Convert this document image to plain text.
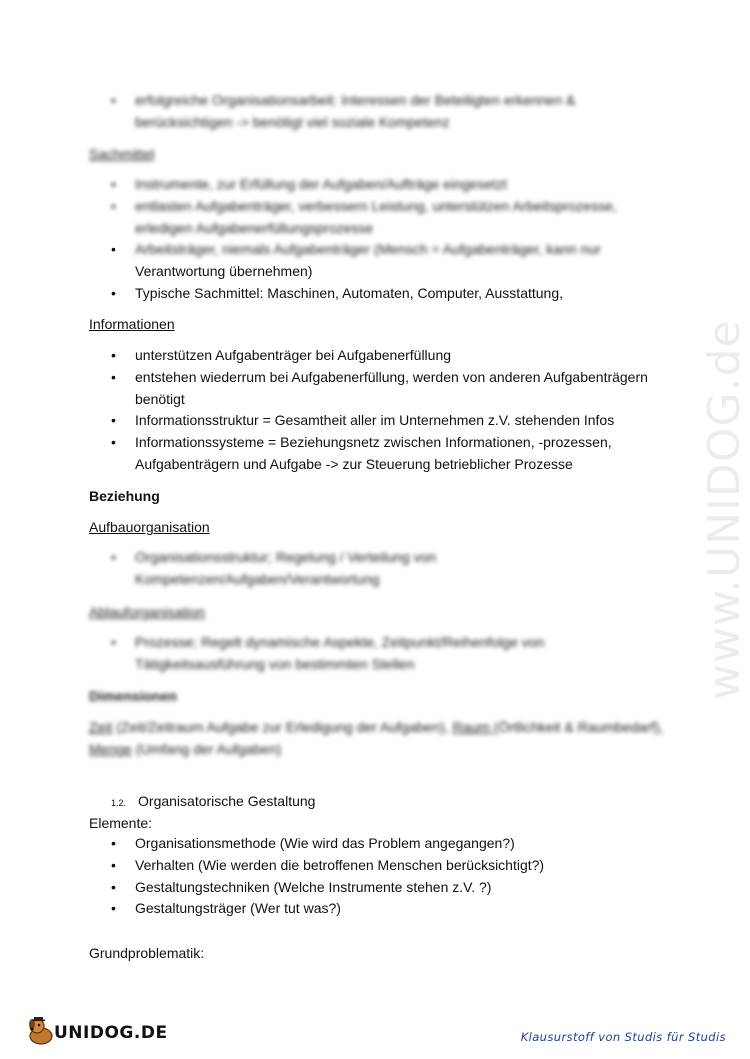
www.UNIDOG.de
• erfolgreiche Organisationsarbeit: Interessen der Beteiligten erkennen & berücksichtigen -> benötigt viel soziale Kompetenz
Sachmittel
• Instrumente, zur Erfüllung der Aufgaben/Aufträge eingesetzt
• entlasten Aufgabenträger, verbessern Leistung, unterstützen Arbeitsprozesse, erledigen Aufgabenerfüllungsprozesse
• Arbeitsträger, niemals Aufgabenträger (Mensch = Aufgabenträger, kann nur
Verantwortung übernehmen)
• Typische Sachmittel: Maschinen, Automaten, Computer, Ausstattung,
Informationen
• unterstützen Aufgabenträger bei Aufgabenerfüllung
• entstehen wiederrum bei Aufgabenerfüllung, werden von anderen Aufgabenträgern benötigt
• Informationsstruktur = Gesamtheit aller im Unternehmen z.V. stehenden Infos
• Informationssysteme = Beziehungsnetz zwischen Informationen, -prozessen, Aufgabenträgern und Aufgabe -> zur Steuerung betrieblicher Prozesse
Beziehung
Aufbauorganisation
• Organisationsstruktur; Regelung / Verteilung von Kompetenzen/Aufgaben/Verantwortung
Ablauforganisation
• Prozesse; Regelt dynamische Aspekte, Zeitpunkt/Reihenfolge von Tätigkeitsausführung von bestimmten Stellen
Dimensionen
Zeit (Zeit/Zeitraum Aufgabe zur Erledigung der Aufgaben), Raum (Örtlichkeit & Raumbedarf), Menge (Umfang der Aufgaben)
1.2. Organisatorische Gestaltung
Elemente:
• Organisationsmethode (Wie wird das Problem angegangen?)
• Verhalten (Wie werden die betroffenen Menschen berücksichtigt?)
• Gestaltungstechniken (Welche Instrumente stehen z.V. ?)
• Gestaltungsträger (Wer tut was?)
Grundproblematik:
UNIDOG.DE	Klausurstoff von Studis für Studis
